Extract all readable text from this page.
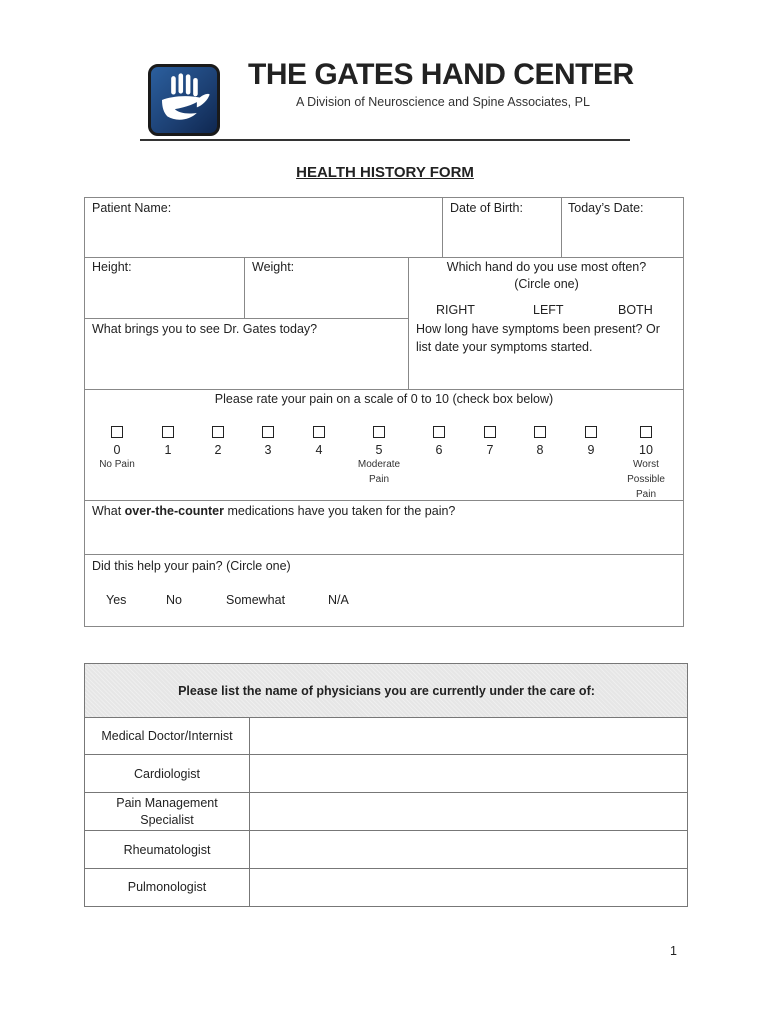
THE GATES HAND CENTER
A Division of Neuroscience and Spine Associates, PL
HEALTH HISTORY FORM
Patient Name:	Date of Birth:	Today’s Date:
Height:	Weight:	Which hand do you use most often?
(Circle one)
RIGHT	LEFT	BOTH
What brings you to see Dr. Gates today?	How long have symptoms been present? Or
list date your symptoms started.
Please rate your pain on a scale of 0 to 10 (check box below)
0	1	2	3	4	5	6	7	8	9	10
No Pain	Moderate
Pain
Worst
Possible
Pain
What over-the-counter medications have you taken for the pain?
Did this help your pain? (Circle one)
Yes	No	Somewhat	N/A
Please list the name of physicians you are currently under the care of:
Medical Doctor/Internist
Cardiologist
Pain Management
Specialist
Rheumatologist
Pulmonologist
1
